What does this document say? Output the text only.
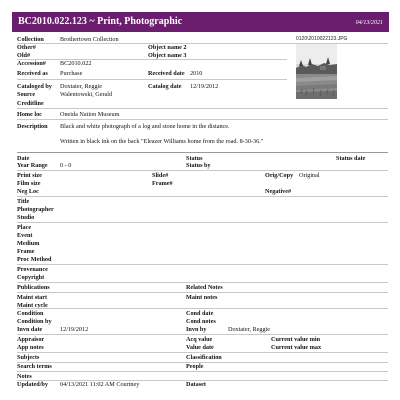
BC2010.022.123 ~ Print, Photographic	04/13/2021
0120\2010022123.JPG
Collection	Brothertown Collection
Other#
Old#
Object name 2
Object name 3
Accession# BC2010.022
Received as Purchase	Received date 2010
Cataloged by Doxtater, Reggie	Catalog date 12/19/2012
Source	Walentowski, Gerald
Creditline
Home loc	Oneida Nation Museum
Description Black and white photograph of a log and stone home in the distance.
Written in black ink on the back "Eleazer Williams home from the road. 8-30-36."
Date	Status	Status date
Year Range 0 - 0	Status by
Print size	Slide#	Orig/Copy Original
Film size	Frame#
Neg Loc	Negative#
Title
Photographer
Studio
Place
Event
Medium
Frame
Proc Method
Provenance
Copyright
Publications	Related Notes
Maint start	Maint notes
Maint cycle
Condition	Cond date
Condition by	Cond notes
Invn date	12/19/2012	Invn by	Doxtater, Reggie
Appraisor	Acq value	Current value min
App notes	Value date	Current value max
Subjects	Classification
Search terms	People
Notes
Updated/by 04/13/2021 11:02 AM Courtney	Dataset
